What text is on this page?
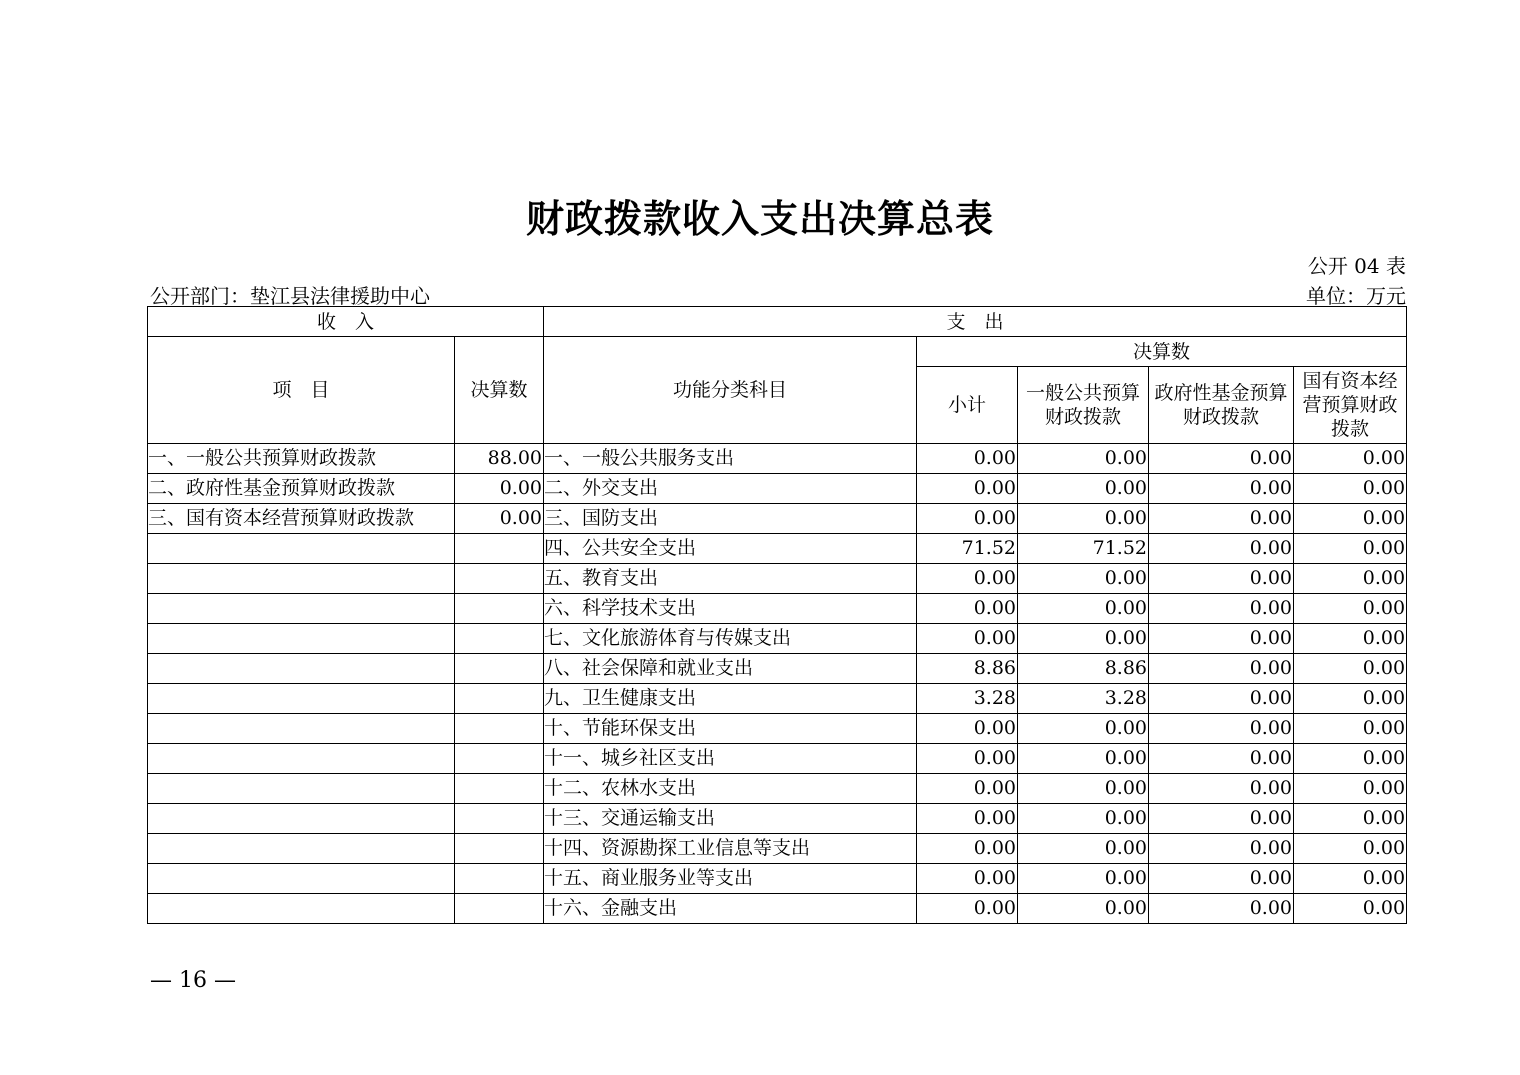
财政拨款收入支出决算总表
公开 04 表
公开部门：垫江县法律援助中心	单位：万元
收　入		支　出				
项　目	决算数	功能分类科目	决算数			
			小计	一般公共预算财政拨款	政府性基金预算财政拨款	国有资本经营预算财政拨款
一、一般公共预算财政拨款	88.00	一、一般公共服务支出	0.00	0.00	0.00	0.00
二、政府性基金预算财政拨款	0.00	二、外交支出	0.00	0.00	0.00	0.00
三、国有资本经营预算财政拨款	0.00	三、国防支出	0.00	0.00	0.00	0.00
		四、公共安全支出	71.52	71.52	0.00	0.00
		五、教育支出	0.00	0.00	0.00	0.00
		六、科学技术支出	0.00	0.00	0.00	0.00
		七、文化旅游体育与传媒支出	0.00	0.00	0.00	0.00
		八、社会保障和就业支出	8.86	8.86	0.00	0.00
		九、卫生健康支出	3.28	3.28	0.00	0.00
		十、节能环保支出	0.00	0.00	0.00	0.00
		十一、城乡社区支出	0.00	0.00	0.00	0.00
		十二、农林水支出	0.00	0.00	0.00	0.00
		十三、交通运输支出	0.00	0.00	0.00	0.00
		十四、资源勘探工业信息等支出	0.00	0.00	0.00	0.00
		十五、商业服务业等支出	0.00	0.00	0.00	0.00
		十六、金融支出	0.00	0.00	0.00	0.00
— 16 —
